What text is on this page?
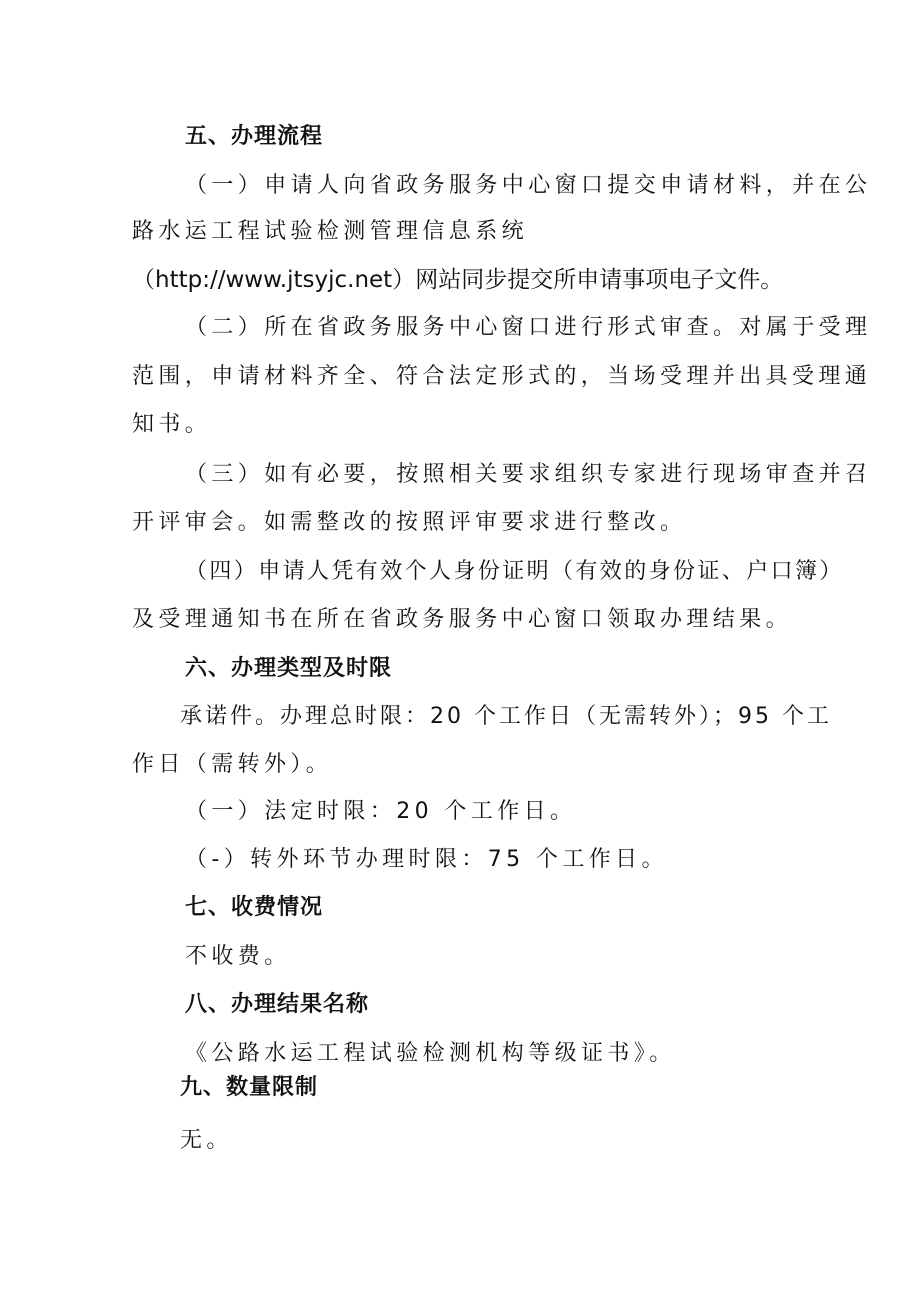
五、办理流程
（一）申请人向省政务服务中心窗口提交申请材料，并在公
路水运工程试验检测管理信息系统
（http://www.jtsyjc.net）网站同步提交所申请事项电子文件。
（二）所在省政务服务中心窗口进行形式审查。对属于受理
范围，申请材料齐全、符合法定形式的，当场受理并出具受理通
知书。
（三）如有必要，按照相关要求组织专家进行现场审查并召
开评审会。如需整改的按照评审要求进行整改。
（四）申请人凭有效个人身份证明（有效的身份证、户口簿）
及受理通知书在所在省政务服务中心窗口领取办理结果。
六、办理类型及时限
承诺件。办理总时限：20 个工作日（无需转外）；95 个工
作日（需转外）。
（一）法定时限：20 个工作日。
（-）转外环节办理时限：75 个工作日。
七、收费情况
不收费。
八、办理结果名称
《公路水运工程试验检测机构等级证书》。
九、数量限制
无。
